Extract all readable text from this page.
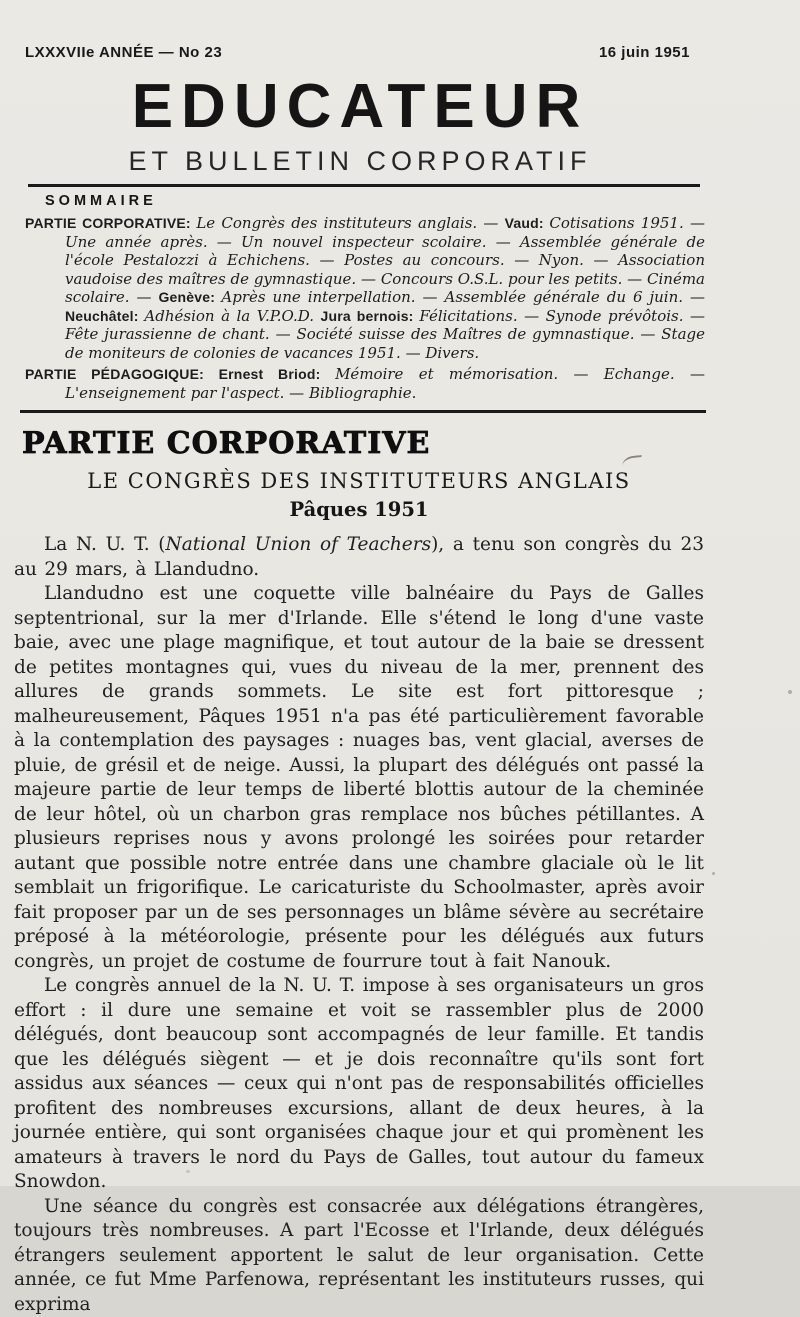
LXXXVIIe ANNÉE — No 23	16 juin 1951
EDUCATEUR
ET BULLETIN CORPORATIF
SOMMAIRE

PARTIE CORPORATIVE: Le Congrès des instituteurs anglais. — Vaud: Cotisations 1951. — Une année après. — Un nouvel inspecteur scolaire. — Assemblée générale de l'école Pestalozzi à Echichens. — Postes au concours. — Nyon. — Association vaudoise des maîtres de gymnastique. — Concours O.S.L. pour les petits. — Cinéma scolaire. — Genève: Après une interpellation. — Assemblée générale du 6 juin. — Neuchâtel: Adhésion à la V.P.O.D. Jura bernois: Félicitations. — Synode prévôtois. — Fête jurassienne de chant. — Société suisse des Maîtres de gymnastique. — Stage de moniteurs de colonies de vacances 1951. — Divers.

PARTIE PÉDAGOGIQUE: Ernest Briod: Mémoire et mémorisation. — Echange. — L'enseignement par l'aspect. — Bibliographie.

PARTIE CORPORATIVE
LE CONGRÈS DES INSTITUTEURS ANGLAIS
Pâques 1951

La N. U. T. (National Union of Teachers), a tenu son congrès du 23 au 29 mars, à Llandudno.

Llandudno est une coquette ville balnéaire du Pays de Galles septentrional, sur la mer d'Irlande. Elle s'étend le long d'une vaste baie, avec une plage magnifique, et tout autour de la baie se dressent de petites montagnes qui, vues du niveau de la mer, prennent des allures de grands sommets. Le site est fort pittoresque ; malheureusement, Pâques 1951 n'a pas été particulièrement favorable à la contemplation des paysages : nuages bas, vent glacial, averses de pluie, de grésil et de neige. Aussi, la plupart des délégués ont passé la majeure partie de leur temps de liberté blottis autour de la cheminée de leur hôtel, où un charbon gras remplace nos bûches pétillantes. A plusieurs reprises nous y avons prolongé les soirées pour retarder autant que possible notre entrée dans une chambre glaciale où le lit semblait un frigorifique. Le caricaturiste du Schoolmaster, après avoir fait proposer par un de ses personnages un blâme sévère au secrétaire préposé à la météorologie, présente pour les délégués aux futurs congrès, un projet de costume de fourrure tout à fait Nanouk.

Le congrès annuel de la N. U. T. impose à ses organisateurs un gros effort : il dure une semaine et voit se rassembler plus de 2000 délégués, dont beaucoup sont accompagnés de leur famille. Et tandis que les délégués siègent — et je dois reconnaître qu'ils sont fort assidus aux séances — ceux qui n'ont pas de responsabilités officielles profitent des nombreuses excursions, allant de deux heures, à la journée entière, qui sont organisées chaque jour et qui promènent les amateurs à travers le nord du Pays de Galles, tout autour du fameux Snowdon.

Une séance du congrès est consacrée aux délégations étrangères, toujours très nombreuses. A part l'Ecosse et l'Irlande, deux délégués étrangers seulement apportent le salut de leur organisation. Cette année, ce fut Mme Parfenowa, représentant les instituteurs russes, qui exprima
